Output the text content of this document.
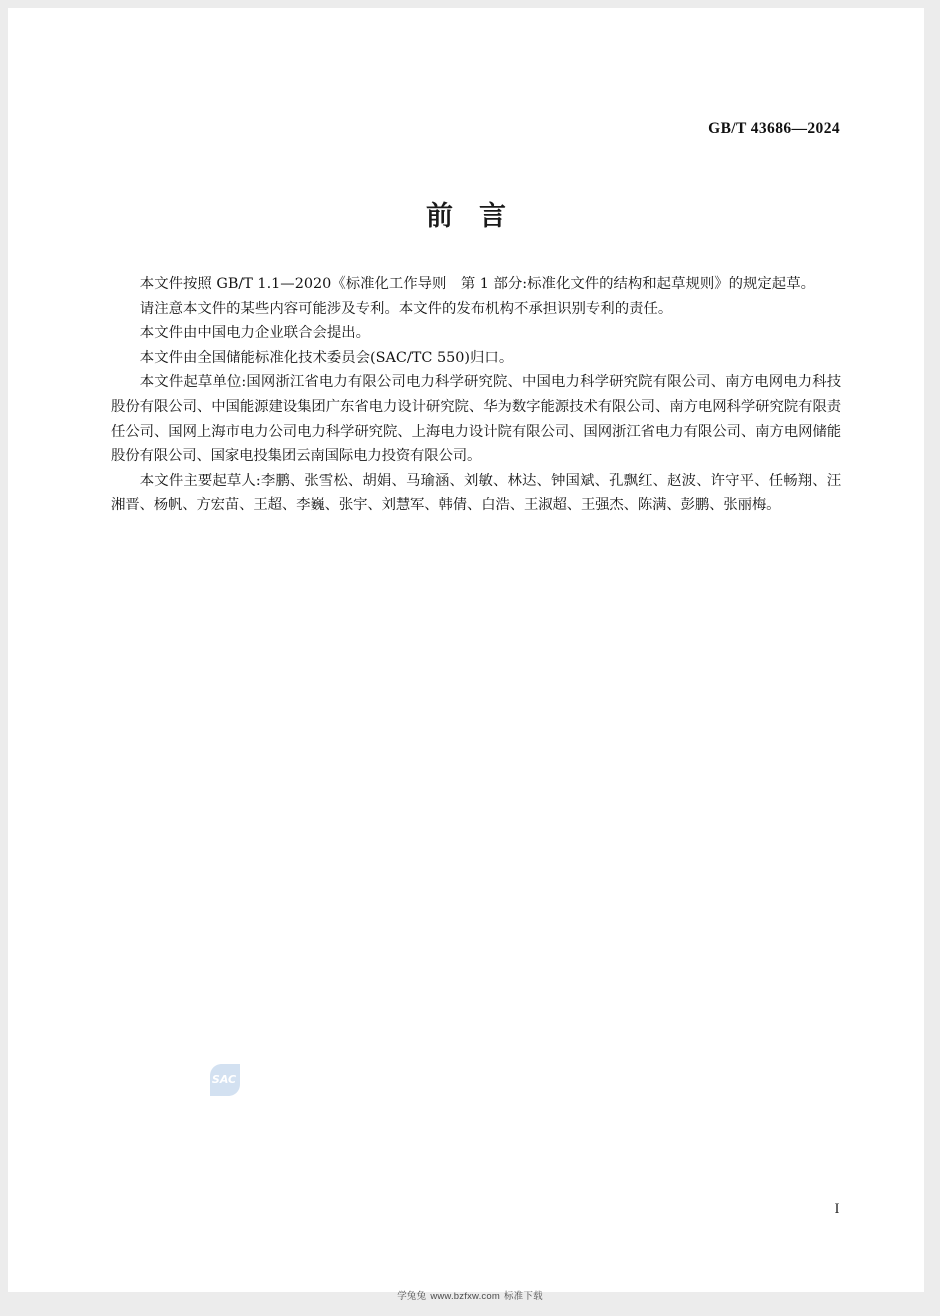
GB/T 43686—2024
前 言

本文件按照 GB/T 1.1—2020《标准化工作导则　第 1 部分:标准化文件的结构和起草规则》的规定起草。

请注意本文件的某些内容可能涉及专利。本文件的发布机构不承担识别专利的责任。

本文件由中国电力企业联合会提出。

本文件由全国储能标准化技术委员会(SAC/TC 550)归口。

本文件起草单位:国网浙江省电力有限公司电力科学研究院、中国电力科学研究院有限公司、南方电网电力科技股份有限公司、中国能源建设集团广东省电力设计研究院、华为数字能源技术有限公司、南方电网科学研究院有限责任公司、国网上海市电力公司电力科学研究院、上海电力设计院有限公司、国网浙江省电力有限公司、南方电网储能股份有限公司、国家电投集团云南国际电力投资有限公司。

本文件主要起草人:李鹏、张雪松、胡娟、马瑜涵、刘敏、林达、钟国斌、孔飘红、赵波、许守平、任畅翔、汪湘晋、杨帆、方宏苗、王超、李巍、张宇、刘慧军、韩倩、白浩、王淑超、王强杰、陈满、彭鹏、张丽梅。

SAC
I
学兔兔 www.bzfxw.com 标准下载
